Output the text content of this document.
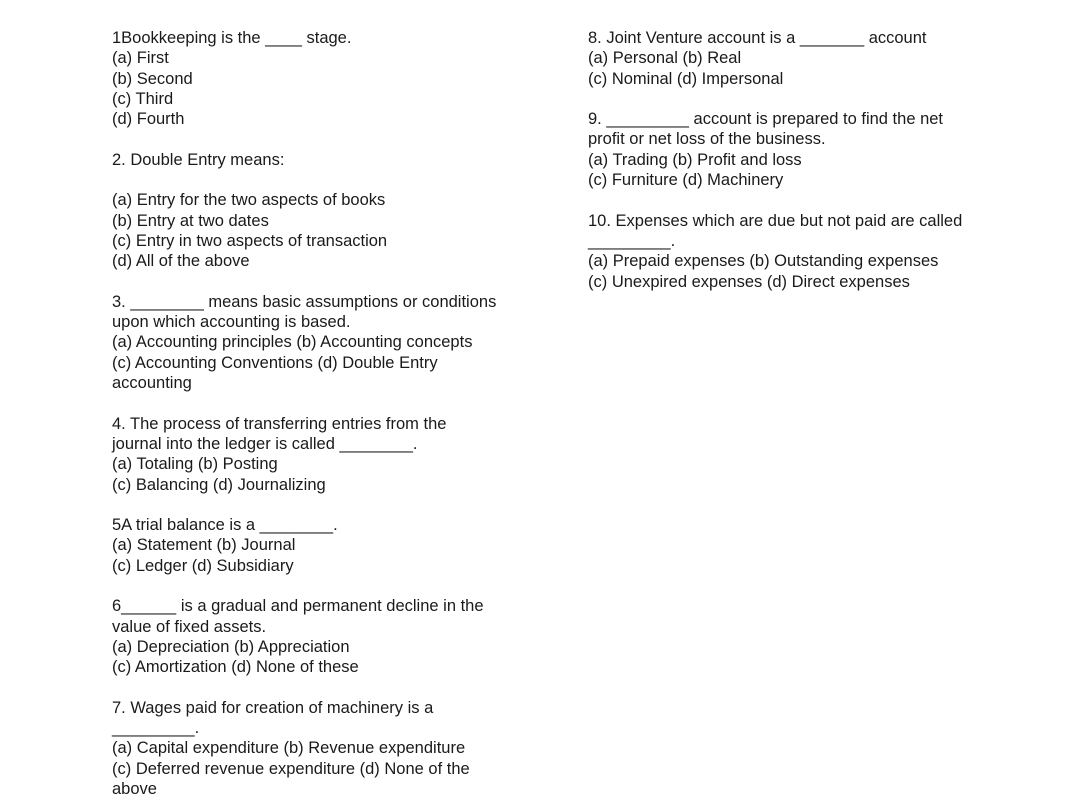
1Bookkeeping is the ____ stage.
(a) First
(b) Second
(c) Third
(d) Fourth
2. Double Entry means:

(a) Entry for the two aspects of books
(b) Entry at two dates
(c) Entry in two aspects of transaction
(d) All of the above
3. ________ means basic assumptions or conditions
upon which accounting is based.
(a) Accounting principles (b) Accounting concepts
(c) Accounting Conventions (d) Double Entry
accounting
4. The process of transferring entries from the
journal into the ledger is called ________.
(a) Totaling (b) Posting
(c) Balancing (d) Journalizing
5A trial balance is a ________.
(a) Statement (b) Journal
(c) Ledger (d) Subsidiary
6______ is a gradual and permanent decline in the
value of fixed assets.
(a) Depreciation (b) Appreciation
(c) Amortization (d) None of these
7. Wages paid for creation of machinery is a
_________.
(a) Capital expenditure (b) Revenue expenditure
(c) Deferred revenue expenditure (d) None of the
above
8. Joint Venture account is a _______ account
(a) Personal (b) Real
(c) Nominal (d) Impersonal
9. _________ account is prepared to find the net
profit or net loss of the business.
(a) Trading (b) Profit and loss
(c) Furniture (d) Machinery
10. Expenses which are due but not paid are called
_________.
(a) Prepaid expenses (b) Outstanding expenses
(c) Unexpired expenses (d) Direct expenses
